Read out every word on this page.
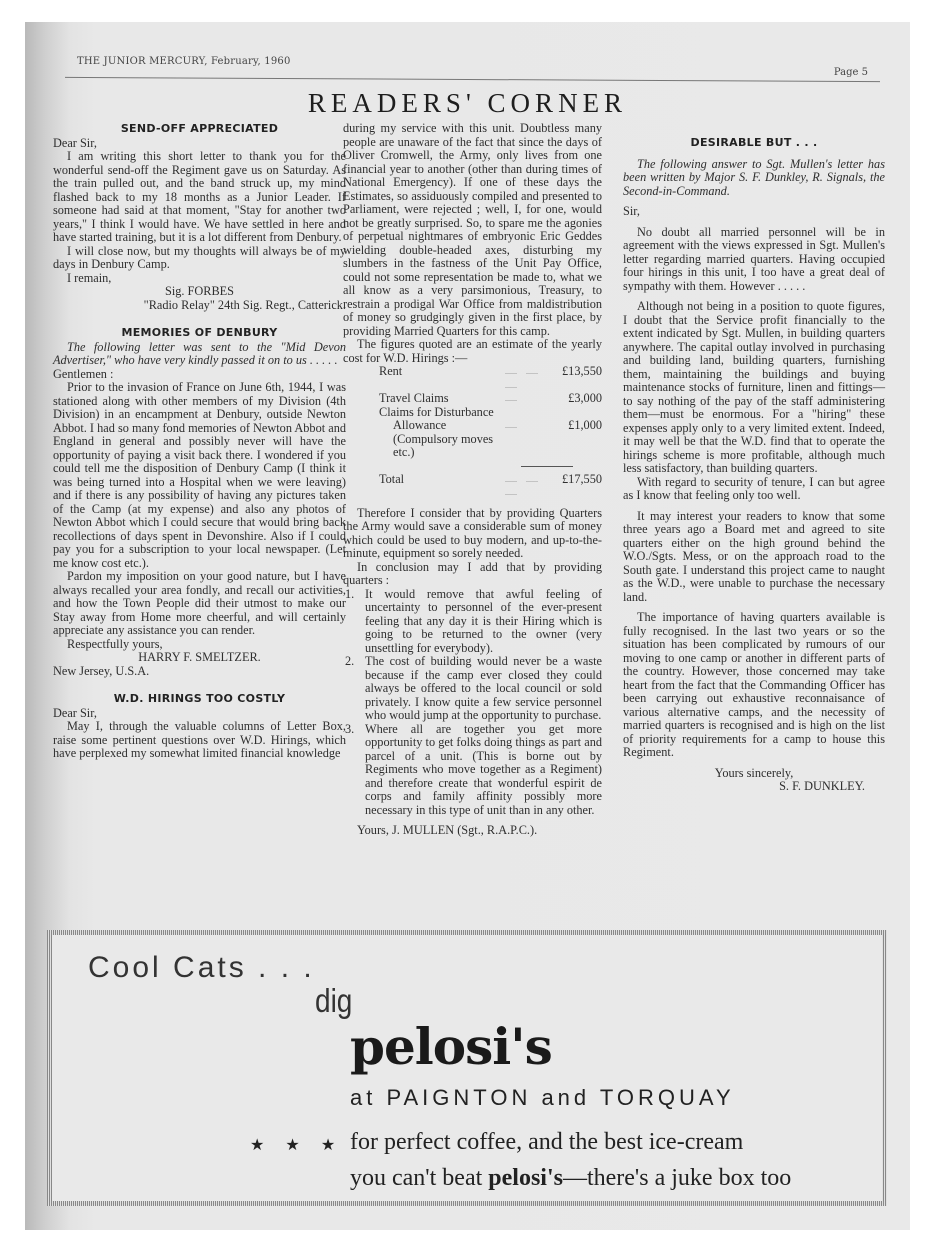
THE JUNIOR MERCURY, February, 1960
Page 5
READERS' CORNER
SEND-OFF APPRECIATED

Dear Sir,

I am writing this short letter to thank you for the wonderful send-off the Regiment gave us on Saturday. As the train pulled out, and the band struck up, my mind flashed back to my 18 months as a Junior Leader. If someone had said at that moment, "Stay for another two years," I think I would have. We have settled in here and have started training, but it is a lot different from Denbury.

I will close now, but my thoughts will always be of my days in Denbury Camp.

I remain,

Sig. FORBES

"Radio Relay" 24th Sig. Regt., Catterick.

MEMORIES OF DENBURY

The following letter was sent to the "Mid Devon Advertiser," who have very kindly passed it on to us . . . . .

Gentlemen :

Prior to the invasion of France on June 6th, 1944, I was stationed along with other members of my Division (4th Division) in an encampment at Denbury, outside Newton Abbot. I had so many fond memories of Newton Abbot and England in general and possibly never will have the opportunity of paying a visit back there. I wondered if you could tell me the disposition of Denbury Camp (I think it was being turned into a Hospital when we were leaving) and if there is any possibility of having any pictures taken of the Camp (at my expense) and also any photos of Newton Abbot which I could secure that would bring back recollections of days spent in Devonshire. Also if I could pay you for a subscription to your local newspaper. (Let me know cost etc.).

Pardon my imposition on your good nature, but I have always recalled your area fondly, and recall our activities, and how the Town People did their utmost to make our Stay away from Home more cheerful, and will certainly appreciate any assistance you can render.

Respectfully yours,

HARRY F. SMELTZER.

New Jersey, U.S.A.

W.D. HIRINGS TOO COSTLY

Dear Sir,

May I, through the valuable columns of Letter Box, raise some pertinent questions over W.D. Hirings, which have perplexed my somewhat limited financial knowledge

during my service with this unit. Doubtless many people are unaware of the fact that since the days of Oliver Cromwell, the Army, only lives from one financial year to another (other than during times of National Emergency). If one of these days the Estimates, so assiduously compiled and presented to Parliament, were rejected ; well, I, for one, would not be greatly surprised. So, to spare me the agonies of perpetual nightmares of embryonic Eric Geddes wielding double-headed axes, disturbing my slumbers in the fastness of the Unit Pay Office, could not some representation be made to, what we all know as a very parsimonious, Treasury, to restrain a prodigal War Office from maldistribution of money so grudgingly given in the first place, by providing Married Quarters for this camp.

The figures quoted are an estimate of the yearly cost for W.D. Hirings :—

Rent	...... ...... ......	£13,550
Travel Claims	......	£3,000
Claims for Disturbance		
Allowance	......	£1,000
(Compulsory moves		
etc.)		
Total	...... ...... ......	£17,550

Therefore I consider that by providing Quarters the Army would save a considerable sum of money which could be used to buy modern, and up-to-the-minute, equipment so sorely needed.

In conclusion may I add that by providing quarters :

1. It would remove that awful feeling of uncertainty to personnel of the ever-present feeling that any day it is their Hiring which is going to be returned to the owner (very unsettling for everybody).
2. The cost of building would never be a waste because if the camp ever closed they could always be offered to the local council or sold privately. I know quite a few service personnel who would jump at the opportunity to purchase.
3. Where all are together you get more opportunity to get folks doing things as part and parcel of a unit. (This is borne out by Regiments who move together as a Regiment) and therefore create that wonderful espirit de corps and family affinity possibly more necessary in this type of unit than in any other.

Yours, J. MULLEN (Sgt., R.A.P.C.).

DESIRABLE BUT . . .

The following answer to Sgt. Mullen's letter has been written by Major S. F. Dunkley, R. Signals, the Second-in-Command.

Sir,

No doubt all married personnel will be in agreement with the views expressed in Sgt. Mullen's letter regarding married quarters. Having occupied four hirings in this unit, I too have a great deal of sympathy with them. However . . . . .

Although not being in a position to quote figures, I doubt that the Service profit financially to the extent indicated by Sgt. Mullen, in building quarters anywhere. The capital outlay involved in purchasing and building land, building quarters, furnishing them, maintaining the buildings and buying maintenance stocks of furniture, linen and fittings—to say nothing of the pay of the staff administering them—must be enormous. For a "hiring" these expenses apply only to a very limited extent. Indeed, it may well be that the W.D. find that to operate the hirings scheme is more profitable, although much less satisfactory, than building quarters.

With regard to security of tenure, I can but agree as I know that feeling only too well.

It may interest your readers to know that some three years ago a Board met and agreed to site quarters either on the high ground behind the W.O./Sgts. Mess, or on the approach road to the South gate. I understand this project came to naught as the W.D., were unable to purchase the necessary land.

The importance of having quarters available is fully recognised. In the last two years or so the situation has been complicated by rumours of our moving to one camp or another in different parts of the country. However, those concerned may take heart from the fact that the Commanding Officer has been carrying out exhaustive reconnaisance of various alternative camps, and the necessity of married quarters is recognised and is high on the list of priority requirements for a camp to house this Regiment.

Yours sincerely,

S. F. DUNKLEY.

Cool Cats . . .
dig
pelosi's
at PAIGNTON and TORQUAY
★ ★ ★ for perfect coffee, and the best ice-cream
you can't beat pelosi's—there's a juke box too
